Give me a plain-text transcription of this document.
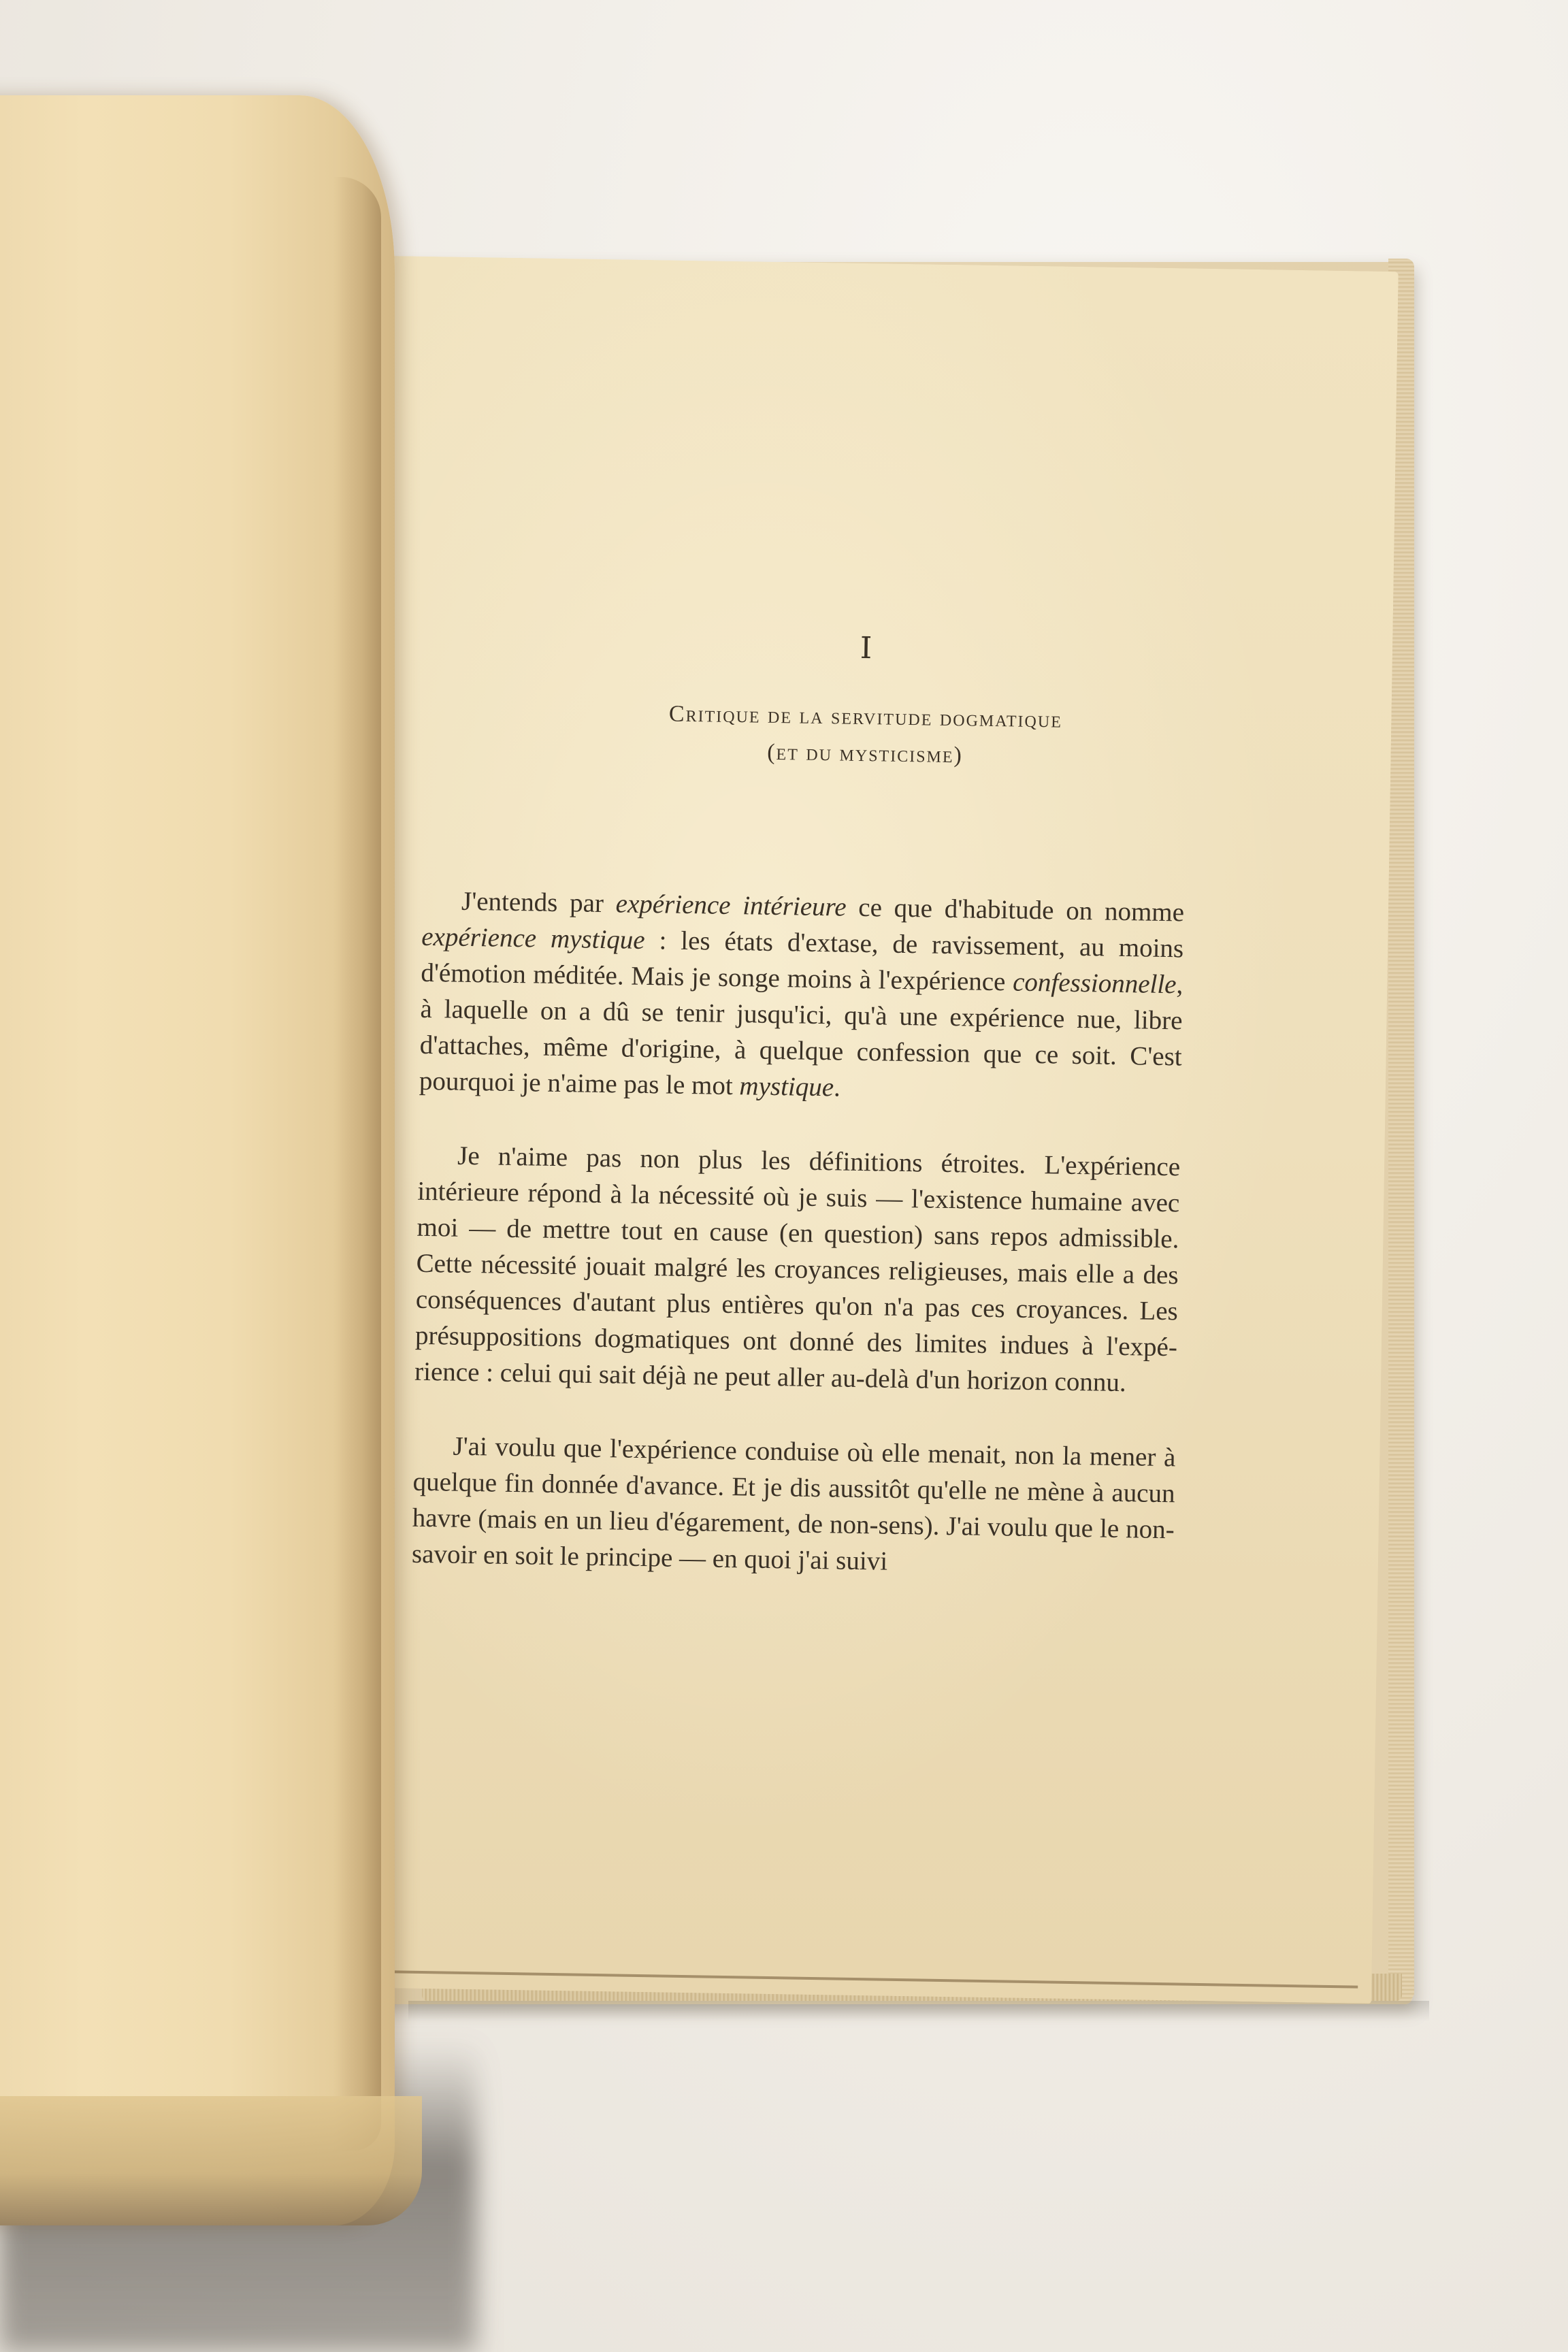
I
Critique de la servitude dogmatique
(et du mysticisme)

J'entends par expérience intérieure ce que d'habitude on nomme expérience mystique : les états d'extase, de ravissement, au moins d'émotion méditée. Mais je songe moins à l'expérience confessionnelle, à laquelle on a dû se tenir jusqu'ici, qu'à une expérience nue, libre d'attaches, même d'origine, à quelque confession que ce soit. C'est pourquoi je n'aime pas le mot mystique.

Je n'aime pas non plus les définitions étroites. L'expérience intérieure répond à la nécessité où je suis — l'existence humaine avec moi — de mettre tout en cause (en question) sans repos admissible. Cette nécessité jouait malgré les croyances religieuses, mais elle a des conséquences d'autant plus entières qu'on n'a pas ces croyances. Les présuppositions dogmatiques ont donné des limites indues à l'expérience : celui qui sait déjà ne peut aller au-delà d'un horizon connu.

J'ai voulu que l'expérience conduise où elle menait, non la mener à quelque fin donnée d'avance. Et je dis aussitôt qu'elle ne mène à aucun havre (mais en un lieu d'égarement, de non-sens). J'ai voulu que le non-savoir en soit le principe — en quoi j'ai suivi
